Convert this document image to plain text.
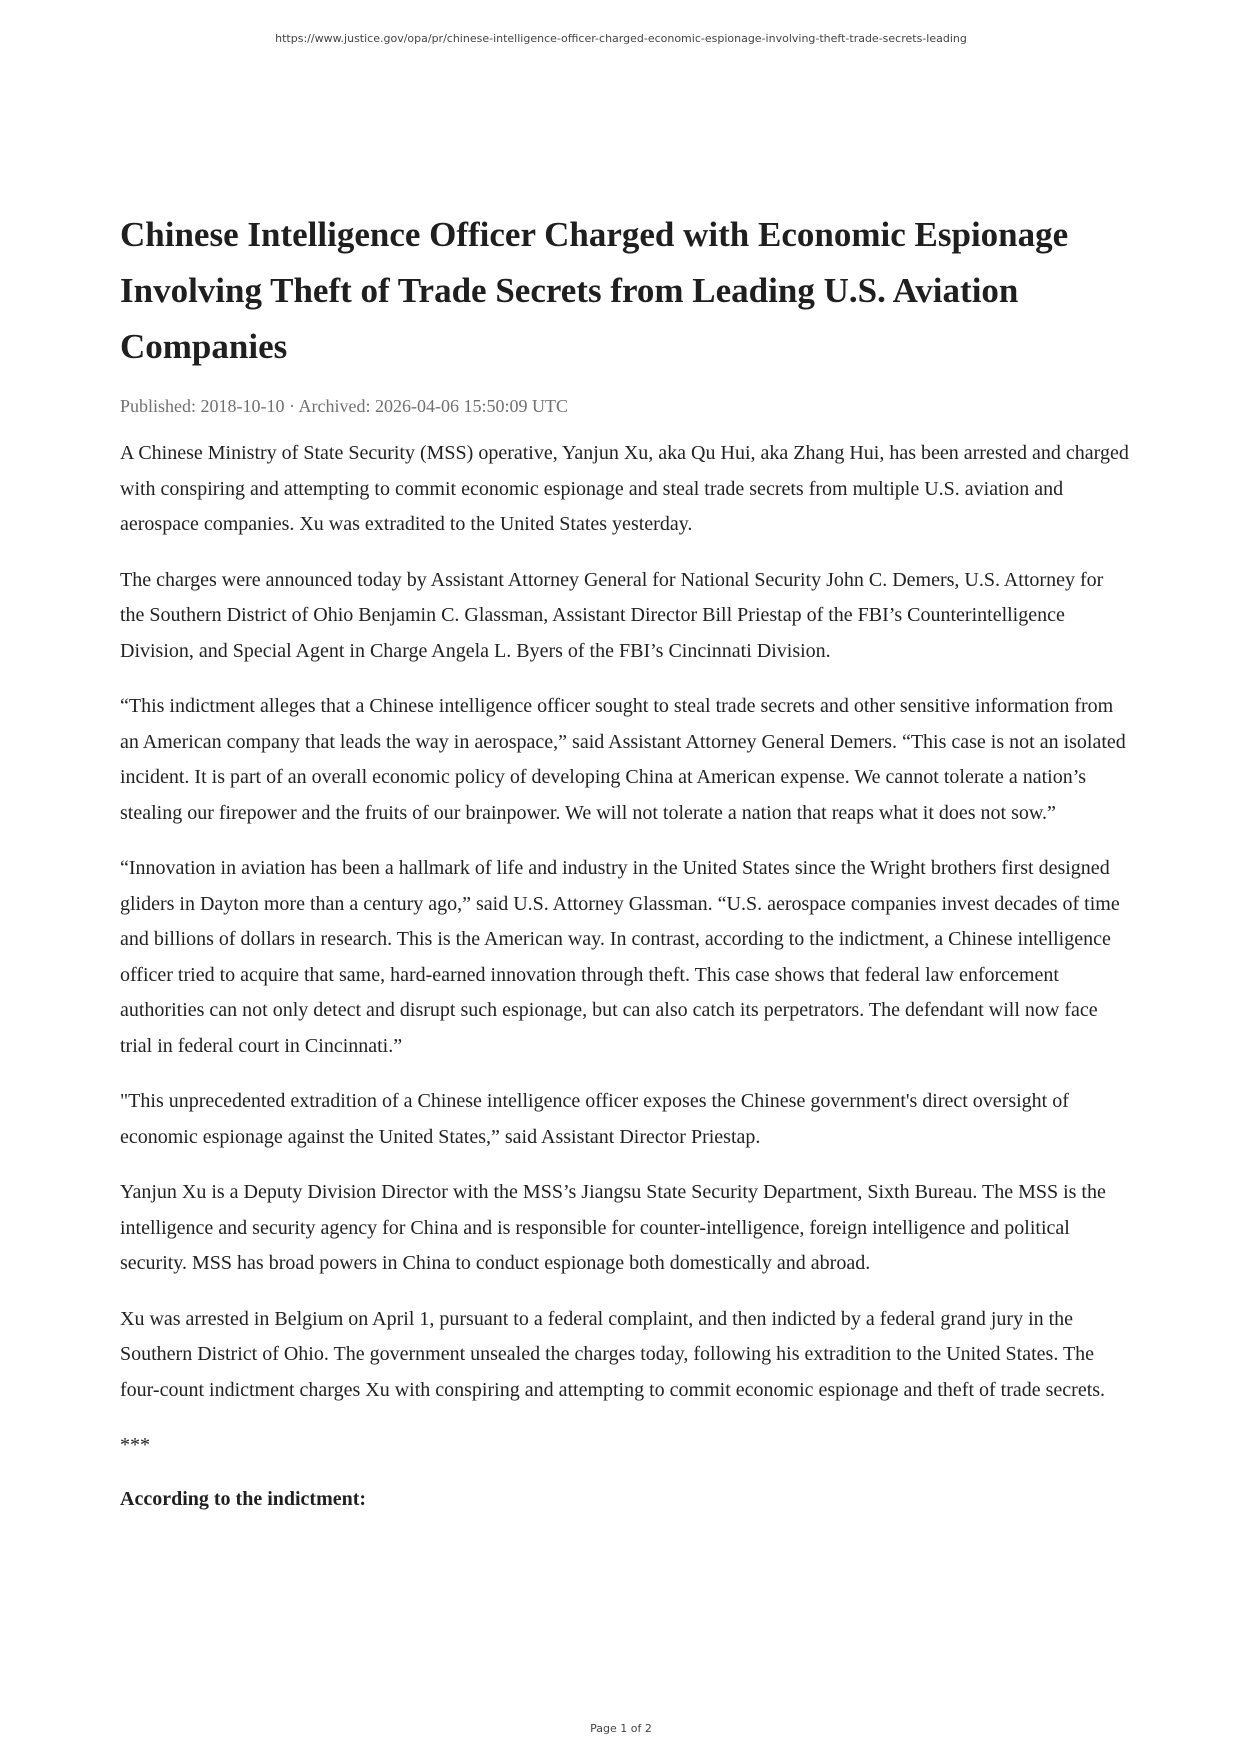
https://www.justice.gov/opa/pr/chinese-intelligence-officer-charged-economic-espionage-involving-theft-trade-secrets-leading
Chinese Intelligence Officer Charged with Economic Espionage Involving Theft of Trade Secrets from Leading U.S. Aviation Companies
Published: 2018-10-10 · Archived: 2026-04-06 15:50:09 UTC

A Chinese Ministry of State Security (MSS) operative, Yanjun Xu, aka Qu Hui, aka Zhang Hui, has been arrested and charged with conspiring and attempting to commit economic espionage and steal trade secrets from multiple U.S. aviation and aerospace companies. Xu was extradited to the United States yesterday.

The charges were announced today by Assistant Attorney General for National Security John C. Demers, U.S. Attorney for the Southern District of Ohio Benjamin C. Glassman, Assistant Director Bill Priestap of the FBI’s Counterintelligence Division, and Special Agent in Charge Angela L. Byers of the FBI’s Cincinnati Division.

“This indictment alleges that a Chinese intelligence officer sought to steal trade secrets and other sensitive information from an American company that leads the way in aerospace,” said Assistant Attorney General Demers. “This case is not an isolated incident. It is part of an overall economic policy of developing China at American expense. We cannot tolerate a nation’s stealing our firepower and the fruits of our brainpower. We will not tolerate a nation that reaps what it does not sow.”

“Innovation in aviation has been a hallmark of life and industry in the United States since the Wright brothers first designed gliders in Dayton more than a century ago,” said U.S. Attorney Glassman. “U.S. aerospace companies invest decades of time and billions of dollars in research. This is the American way. In contrast, according to the indictment, a Chinese intelligence officer tried to acquire that same, hard-earned innovation through theft. This case shows that federal law enforcement authorities can not only detect and disrupt such espionage, but can also catch its perpetrators. The defendant will now face trial in federal court in Cincinnati.”

"This unprecedented extradition of a Chinese intelligence officer exposes the Chinese government's direct oversight of economic espionage against the United States,” said Assistant Director Priestap.

Yanjun Xu is a Deputy Division Director with the MSS’s Jiangsu State Security Department, Sixth Bureau. The MSS is the intelligence and security agency for China and is responsible for counter-intelligence, foreign intelligence and political security. MSS has broad powers in China to conduct espionage both domestically and abroad.

Xu was arrested in Belgium on April 1, pursuant to a federal complaint, and then indicted by a federal grand jury in the Southern District of Ohio. The government unsealed the charges today, following his extradition to the United States. The four-count indictment charges Xu with conspiring and attempting to commit economic espionage and theft of trade secrets.

***
According to the indictment:
Page 1 of 2
